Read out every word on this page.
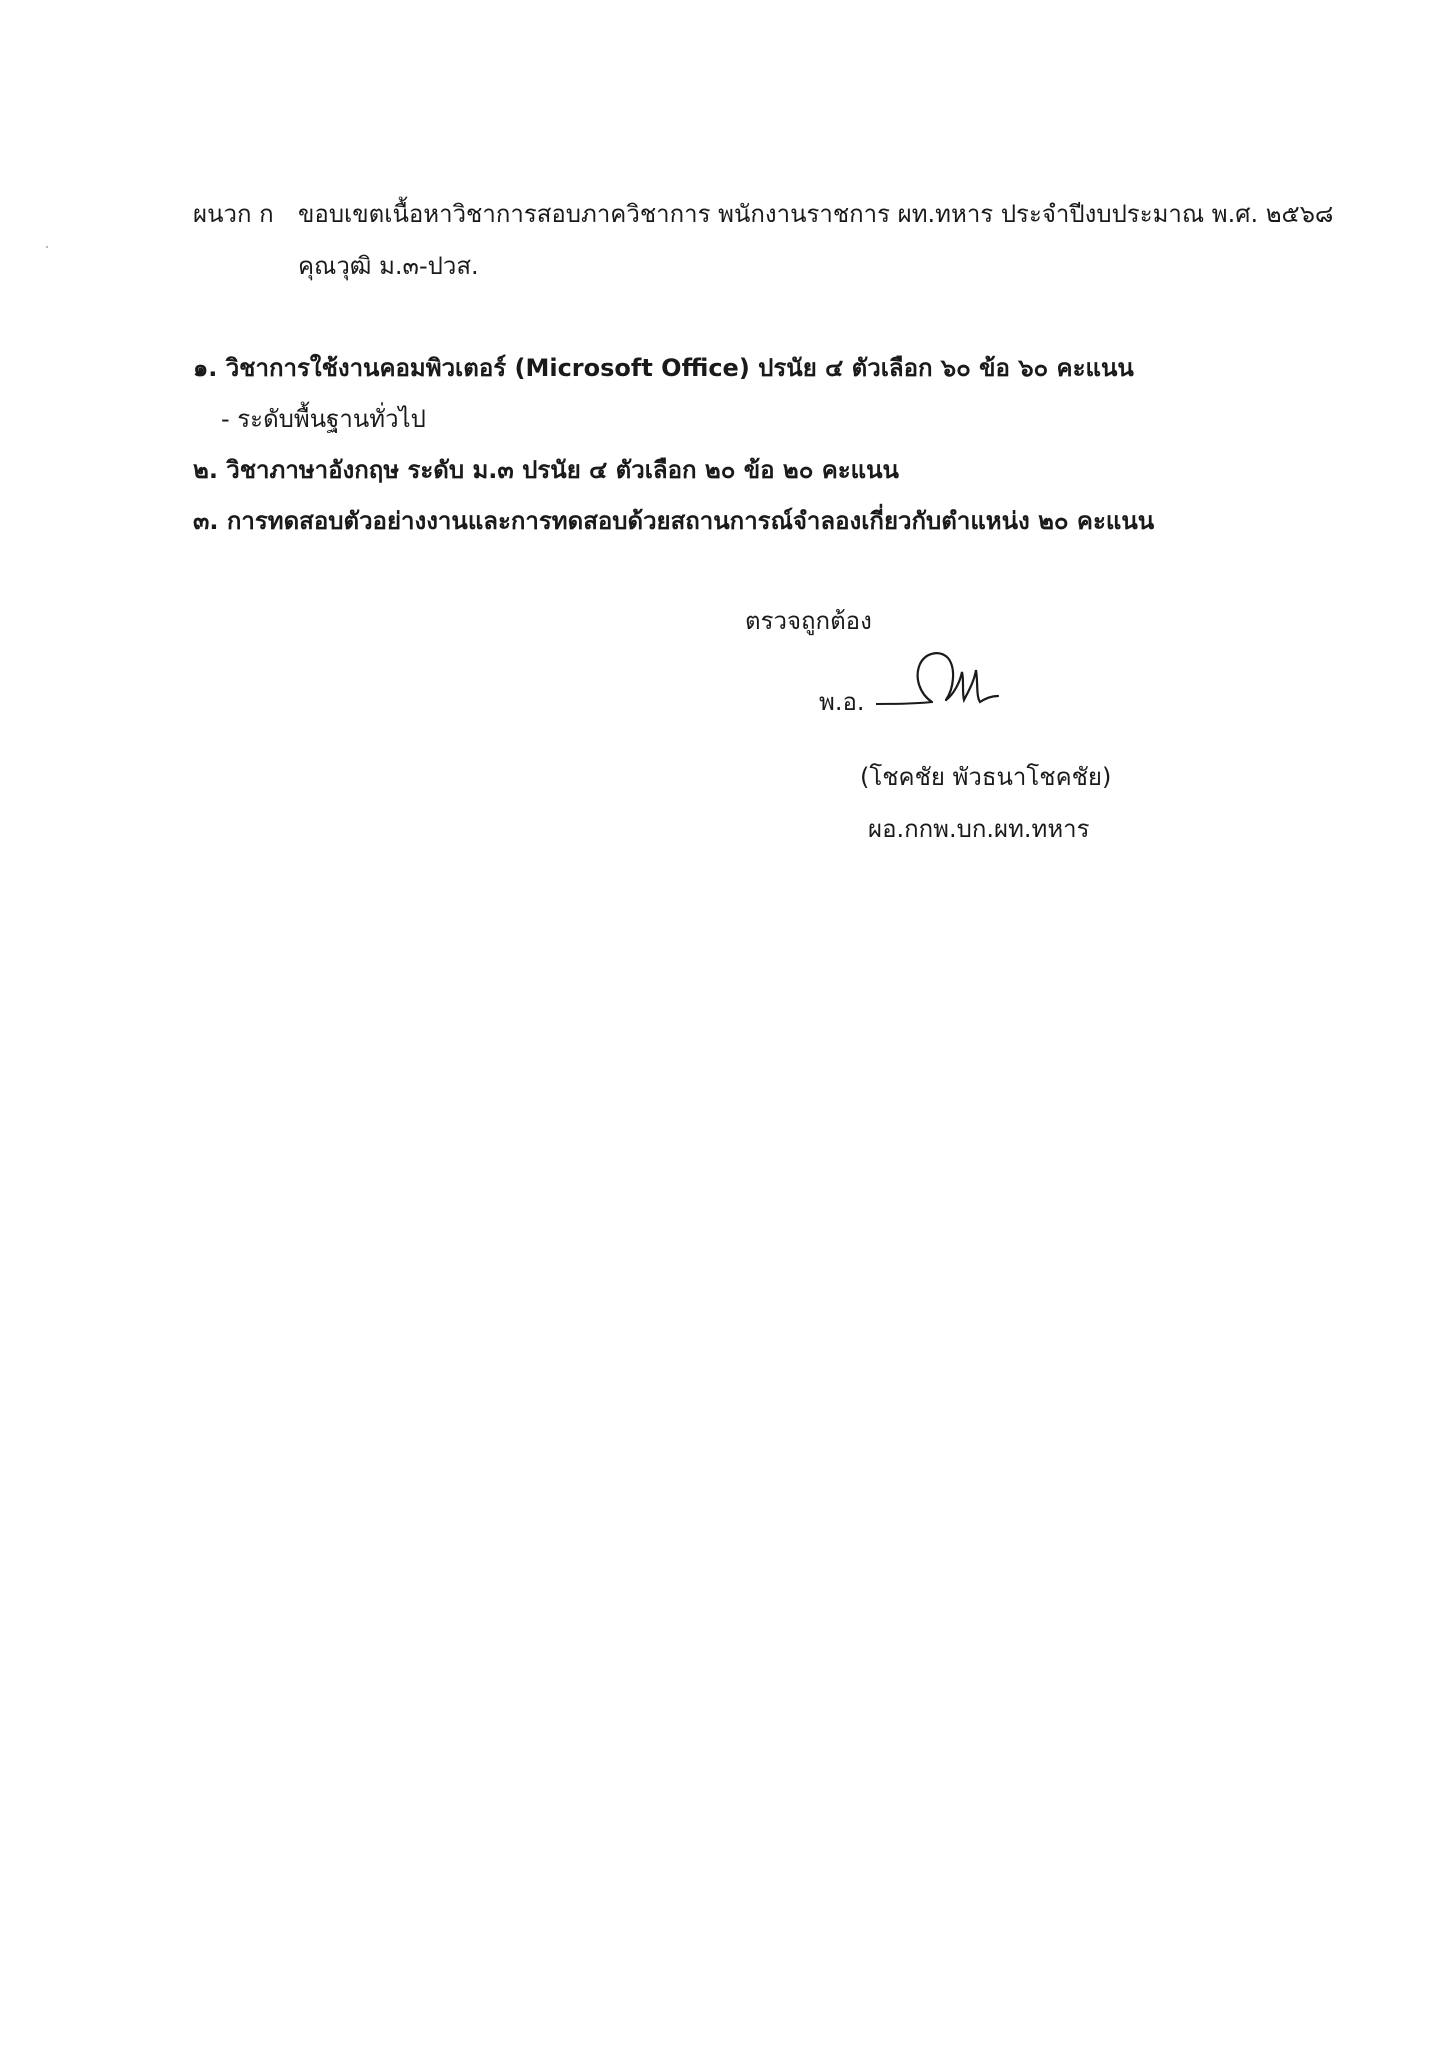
ผนวก ก ขอบเขตเนื้อหาวิชาการสอบภาควิชาการ พนักงานราชการ ผท.ทหาร ประจำปีงบประมาณ พ.ศ. ๒๕๖๘
คุณวุฒิ ม.๓-ปวส.
๑. วิชาการใช้งานคอมพิวเตอร์ (Microsoft Office) ปรนัย ๔ ตัวเลือก ๖๐ ข้อ ๖๐ คะแนน
- ระดับพื้นฐานทั่วไป
๒. วิชาภาษาอังกฤษ ระดับ ม.๓ ปรนัย ๔ ตัวเลือก ๒๐ ข้อ ๒๐ คะแนน
๓. การทดสอบตัวอย่างงานและการทดสอบด้วยสถานการณ์จำลองเกี่ยวกับตำแหน่ง ๒๐ คะแนน
ตรวจถูกต้อง
พ.อ.
(โชคชัย พัวธนาโชคชัย)
ผอ.กกพ.บก.ผท.ทหาร
